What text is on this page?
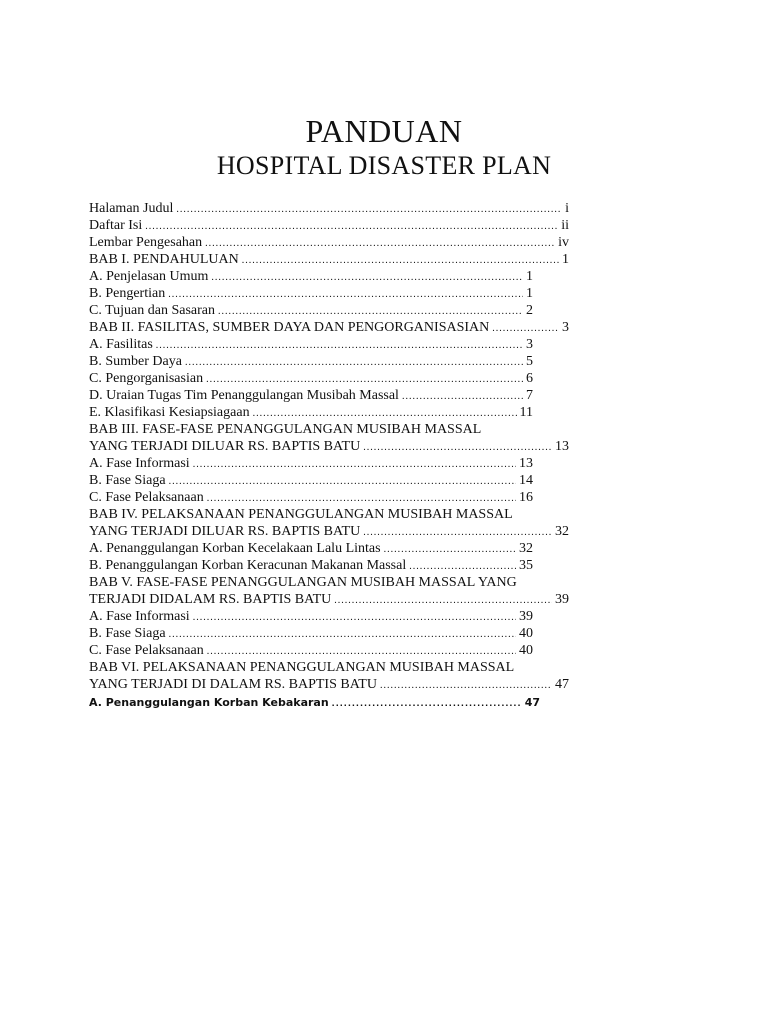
PANDUAN
HOSPITAL DISASTER PLAN
Halaman Judul .....	i
Daftar Isi .....	ii
Lembar Pengesahan .....	iv
BAB I. PENDAHULUAN .....	1
A. Penjelasan Umum .....	1
B. Pengertian .....	1
C. Tujuan dan Sasaran .....	2
BAB II. FASILITAS, SUMBER DAYA DAN PENGORGANISASIAN .....	3
A. Fasilitas .....	3
B. Sumber Daya .....	5
C. Pengorganisasian .....	6
D. Uraian Tugas Tim Penanggulangan Musibah Massal .....	7
E. Klasifikasi Kesiapsiagaan .....	11
BAB III. FASE-FASE PENANGGULANGAN MUSIBAH MASSAL
YANG TERJADI DILUAR RS. BAPTIS BATU .....	13
A. Fase Informasi .....	13
B. Fase Siaga .....	14
C. Fase Pelaksanaan .....	16
BAB IV. PELAKSANAAN PENANGGULANGAN MUSIBAH MASSAL
YANG TERJADI DILUAR RS. BAPTIS BATU .....	32
A. Penanggulangan Korban Kecelakaan Lalu Lintas .....	32
B. Penanggulangan Korban Keracunan Makanan Massal .....	35
BAB V. FASE-FASE PENANGGULANGAN MUSIBAH MASSAL YANG
TERJADI DIDALAM RS. BAPTIS BATU .....	39
A. Fase Informasi .....	39
B. Fase Siaga .....	40
C. Fase Pelaksanaan .....	40
BAB VI. PELAKSANAAN PENANGGULANGAN MUSIBAH MASSAL
YANG TERJADI DI DALAM RS. BAPTIS BATU .....	47
A. Penanggulangan Korban Kebakaran .....	47
